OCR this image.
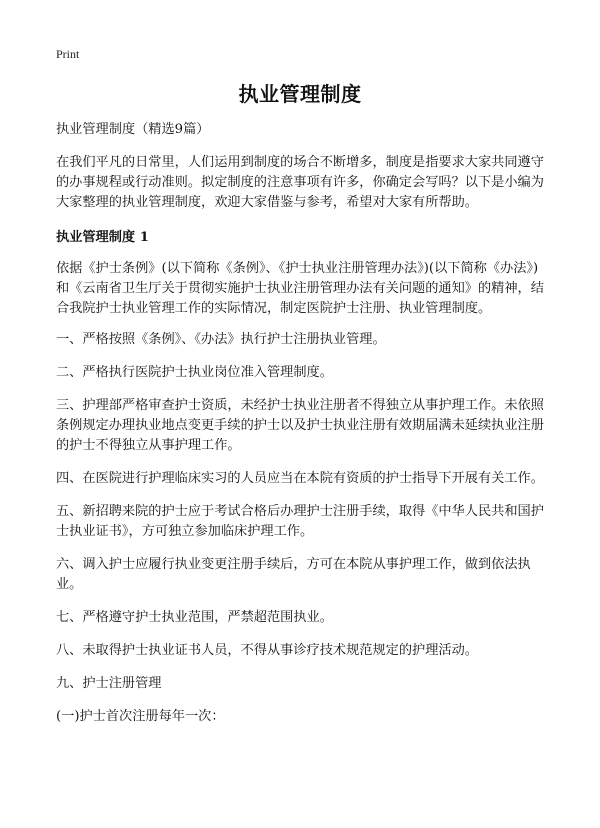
Print
执业管理制度

执业管理制度（精选9篇）

在我们平凡的日常里，人们运用到制度的场合不断增多，制度是指要求大家共同遵守的办事规程或行动准则。拟定制度的注意事项有许多，你确定会写吗？以下是小编为大家整理的执业管理制度，欢迎大家借鉴与参考，希望对大家有所帮助。

执业管理制度 1

依据《护士条例》(以下简称《条例》、《护士执业注册管理办法》)(以下简称《办法》)和《云南省卫生厅关于贯彻实施护士执业注册管理办法有关问题的通知》的精神，结合我院护士执业管理工作的实际情况，制定医院护士注册、执业管理制度。

一、严格按照《条例》、《办法》执行护士注册执业管理。

二、严格执行医院护士执业岗位准入管理制度。

三、护理部严格审查护士资质，未经护士执业注册者不得独立从事护理工作。未依照条例规定办理执业地点变更手续的护士以及护士执业注册有效期届满未延续执业注册的护士不得独立从事护理工作。

四、在医院进行护理临床实习的人员应当在本院有资质的护士指导下开展有关工作。

五、新招聘来院的护士应于考试合格后办理护士注册手续，取得《中华人民共和国护士执业证书》，方可独立参加临床护理工作。

六、调入护士应履行执业变更注册手续后，方可在本院从事护理工作，做到依法执业。

七、严格遵守护士执业范围，严禁超范围执业。

八、未取得护士执业证书人员，不得从事诊疗技术规范规定的护理活动。

九、护士注册管理

(一)护士首次注册每年一次：
